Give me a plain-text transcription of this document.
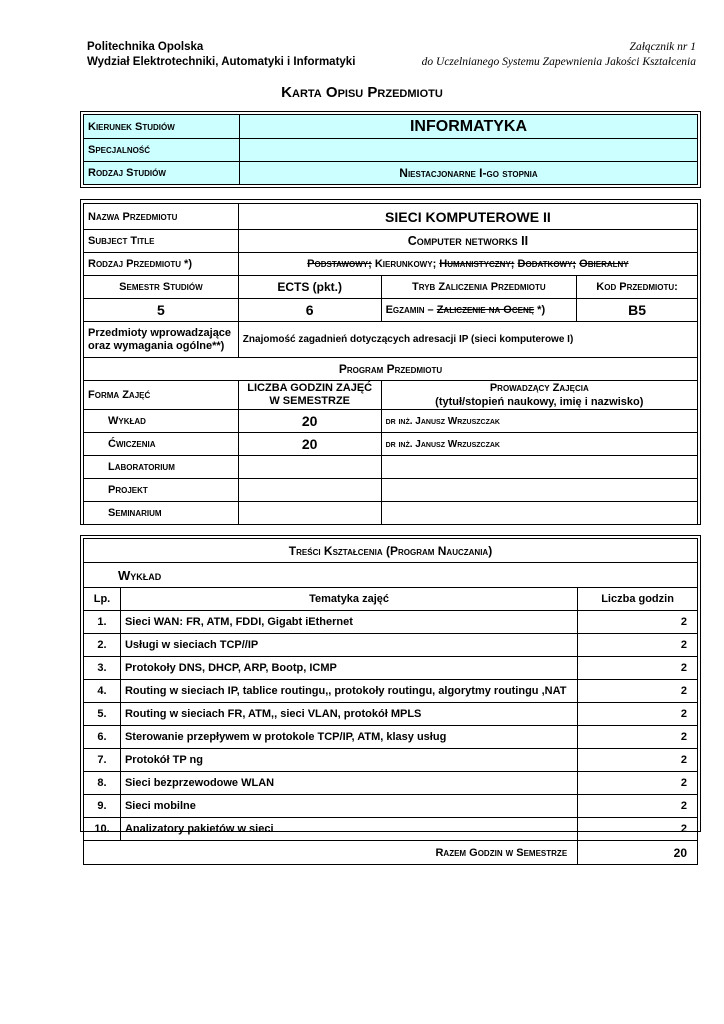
Politechnika Opolska
Wydział Elektrotechniki, Automatyki i Informatyki
Załącznik nr 1
do Uczelnianego Systemu Zapewnienia Jakości Kształcenia
Karta Opisu Przedmiotu
Kierunek Studiów	INFORMATYKA
Specjalność	
Rodzaj Studiów	Niestacjonarne I-go stopnia
Nazwa Przedmiotu	SIECI KOMPUTEROWE II		
Subject Title	Computer networks II		
Rodzaj Przedmiotu *)	Podstawowy; Kierunkowy; Humanistyczny; Dodatkowy; Obieralny		
Semestr Studiów	ECTS (pkt.)	Tryb Zaliczenia Przedmiotu	Kod Przedmiotu:
5	6	Egzamin – Zaliczenie na Ocenę *)	B5
Przedmioty wprowadzające oraz wymagania ogólne**)	Znajomość zagadnień dotyczących adresacji IP (sieci komputerowe I)		
Program Przedmiotu			
Forma Zajęć	LICZBA GODZIN ZAJĘĆ W SEMESTRZE	Prowadzący Zajęcia
(tytuł/stopień naukowy, imię i nazwisko)	

Wykład	20	dr inż. Janusz Wrzuszczak	
Ćwiczenia	20	dr inż. Janusz Wrzuszczak	
Laboratorium			
Projekt			
Seminarium			
Treści Kształcenia (Program Nauczania)		
Wykład		
Lp.	Tematyka zajęć	Liczba godzin
1.	Sieci WAN: FR, ATM, FDDI, Gigabt iEthernet	2
2.	Usługi w sieciach TCP//IP	2
3.	Protokoły DNS, DHCP, ARP, Bootp, ICMP	2
4.	Routing w sieciach IP, tablice routingu,, protokoły routingu, algorytmy routingu ,NAT	2
5.	Routing w sieciach FR, ATM,, sieci VLAN, protokół MPLS	2
6.	Sterowanie przepływem w protokole TCP/IP, ATM, klasy usług	2
7.	Protokół TP ng	2
8.	Sieci bezprzewodowe WLAN	2
9.	Sieci mobilne	2
10.	Analizatory pakietów w sieci	2
Razem Godzin w Semestrze		20
